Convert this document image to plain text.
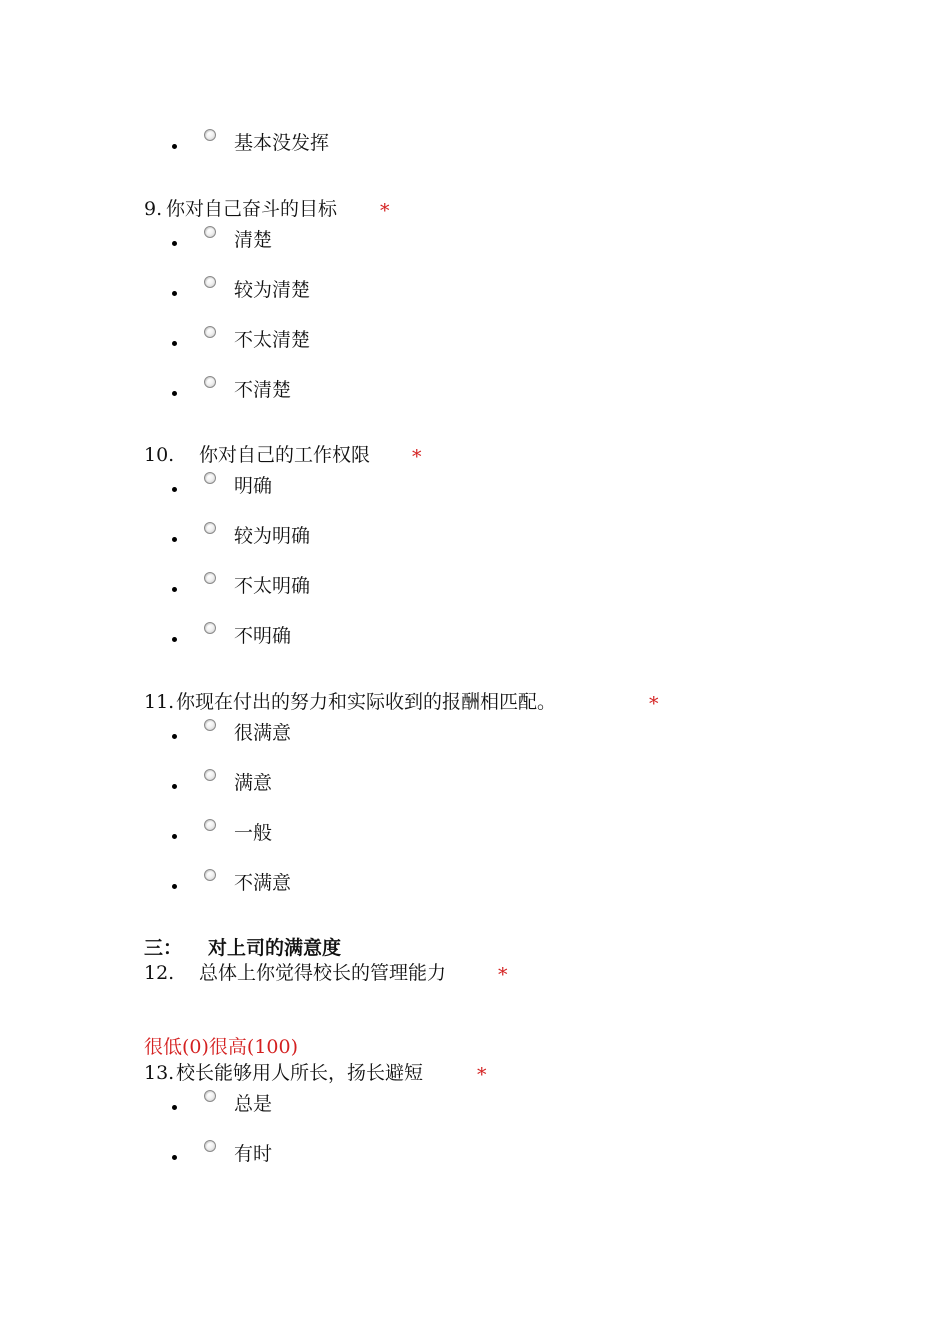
基本没发挥
9. 你对自己奋斗的目标 *
清楚
较为清楚
不太清楚
不清楚
10. 你对自己的工作权限 *
明确
较为明确
不太明确
不明确
11. 你现在付出的努力和实际收到的报酬相匹配。	*
很满意
满意
一般
不满意
三： 对上司的满意度
12. 总体上你觉得校长的管理能力	*
很低(0)很高(100)
13. 校长能够用人所长，扬长避短	*
总是
有时
